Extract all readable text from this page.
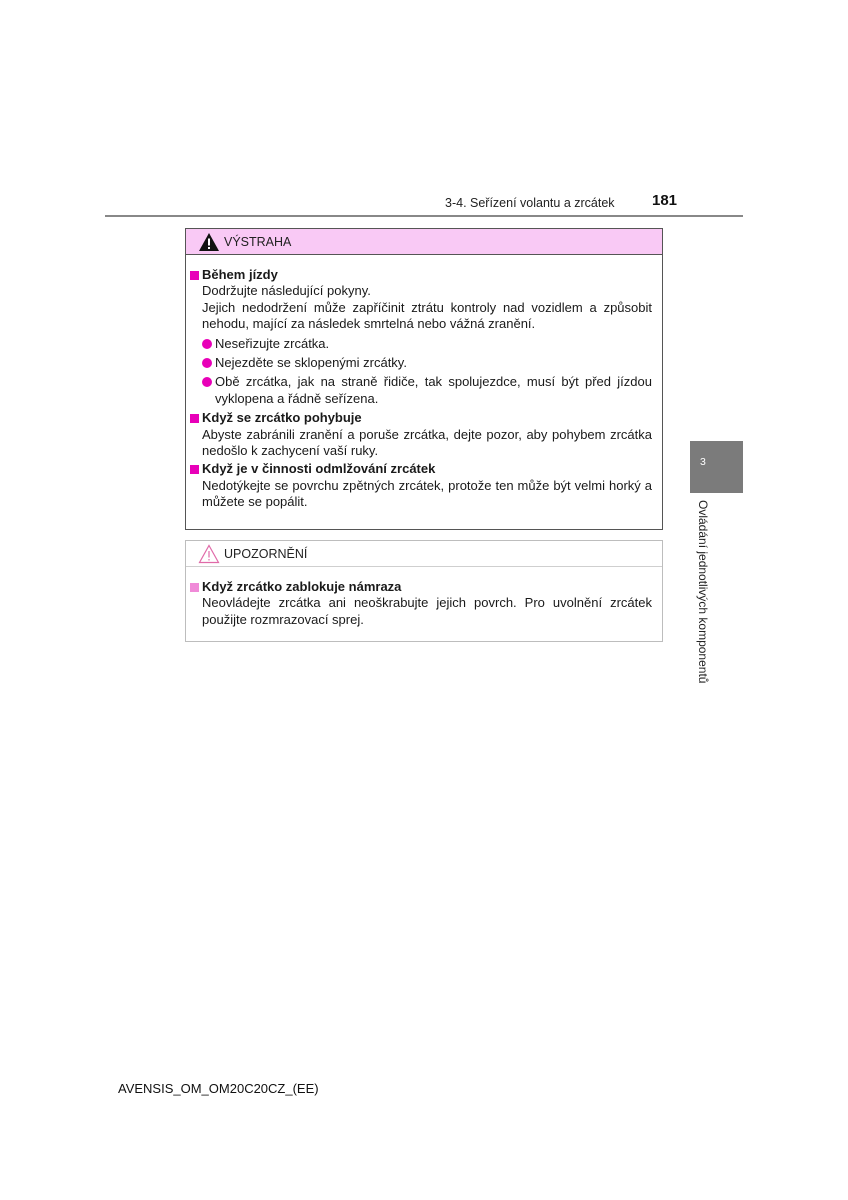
3-4. Seřízení volantu a zrcátek 181
3
Ovládání jednotlivých komponentů
VÝSTRAHA
Během jízdy
Dodržujte následující pokyny.
Jejich nedodržení může zapříčinit ztrátu kontroly nad vozidlem a způsobit nehodu, mající za následek smrtelná nebo vážná zranění.
Neseřizujte zrcátka.
Nejezděte se sklopenými zrcátky.
Obě zrcátka, jak na straně řidiče, tak spolujezdce, musí být před jízdou vyklopena a řádně seřízena.
Když se zrcátko pohybuje
Abyste zabránili zranění a poruše zrcátka, dejte pozor, aby pohybem zrcátka nedošlo k zachycení vaší ruky.
Když je v činnosti odmlžování zrcátek
Nedotýkejte se povrchu zpětných zrcátek, protože ten může být velmi horký a můžete se popálit.
UPOZORNĚNÍ
Když zrcátko zablokuje námraza
Neovládejte zrcátka ani neoškrabujte jejich povrch. Pro uvolnění zrcátek použijte rozmrazovací sprej.
AVENSIS_OM_OM20C20CZ_(EE)
